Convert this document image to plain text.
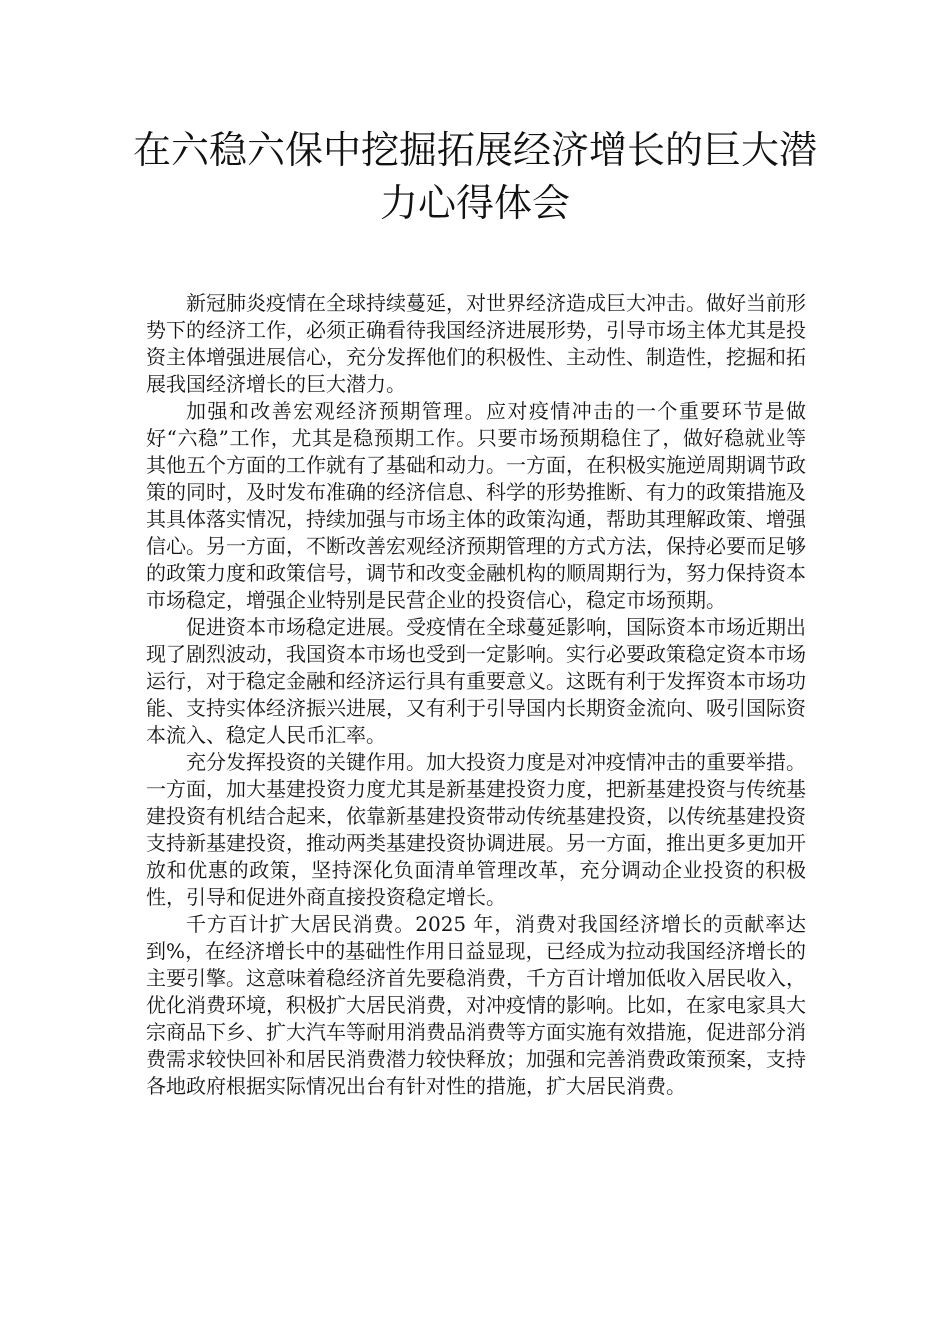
在六稳六保中挖掘拓展经济增长的巨大潜力心得体会

新冠肺炎疫情在全球持续蔓延，对世界经济造成巨大冲击。做好当前形势下的经济工作，必须正确看待我国经济进展形势，引导市场主体尤其是投资主体增强进展信心，充分发挥他们的积极性、主动性、制造性，挖掘和拓展我国经济增长的巨大潜力。

加强和改善宏观经济预期管理。应对疫情冲击的一个重要环节是做好“六稳”工作，尤其是稳预期工作。只要市场预期稳住了，做好稳就业等其他五个方面的工作就有了基础和动力。一方面，在积极实施逆周期调节政策的同时，及时发布准确的经济信息、科学的形势推断、有力的政策措施及其具体落实情况，持续加强与市场主体的政策沟通，帮助其理解政策、增强信心。另一方面，不断改善宏观经济预期管理的方式方法，保持必要而足够的政策力度和政策信号，调节和改变金融机构的顺周期行为，努力保持资本市场稳定，增强企业特别是民营企业的投资信心，稳定市场预期。

促进资本市场稳定进展。受疫情在全球蔓延影响，国际资本市场近期出现了剧烈波动，我国资本市场也受到一定影响。实行必要政策稳定资本市场运行，对于稳定金融和经济运行具有重要意义。这既有利于发挥资本市场功能、支持实体经济振兴进展，又有利于引导国内长期资金流向、吸引国际资本流入、稳定人民币汇率。

充分发挥投资的关键作用。加大投资力度是对冲疫情冲击的重要举措。一方面，加大基建投资力度尤其是新基建投资力度，把新基建投资与传统基建投资有机结合起来，依靠新基建投资带动传统基建投资，以传统基建投资支持新基建投资，推动两类基建投资协调进展。另一方面，推出更多更加开放和优惠的政策，坚持深化负面清单管理改革，充分调动企业投资的积极性，引导和促进外商直接投资稳定增长。

千方百计扩大居民消费。2025 年，消费对我国经济增长的贡献率达到%，在经济增长中的基础性作用日益显现，已经成为拉动我国经济增长的主要引擎。这意味着稳经济首先要稳消费，千方百计增加低收入居民收入，优化消费环境，积极扩大居民消费，对冲疫情的影响。比如，在家电家具大宗商品下乡、扩大汽车等耐用消费品消费等方面实施有效措施，促进部分消费需求较快回补和居民消费潜力较快释放；加强和完善消费政策预案，支持各地政府根据实际情况出台有针对性的措施，扩大居民消费。
